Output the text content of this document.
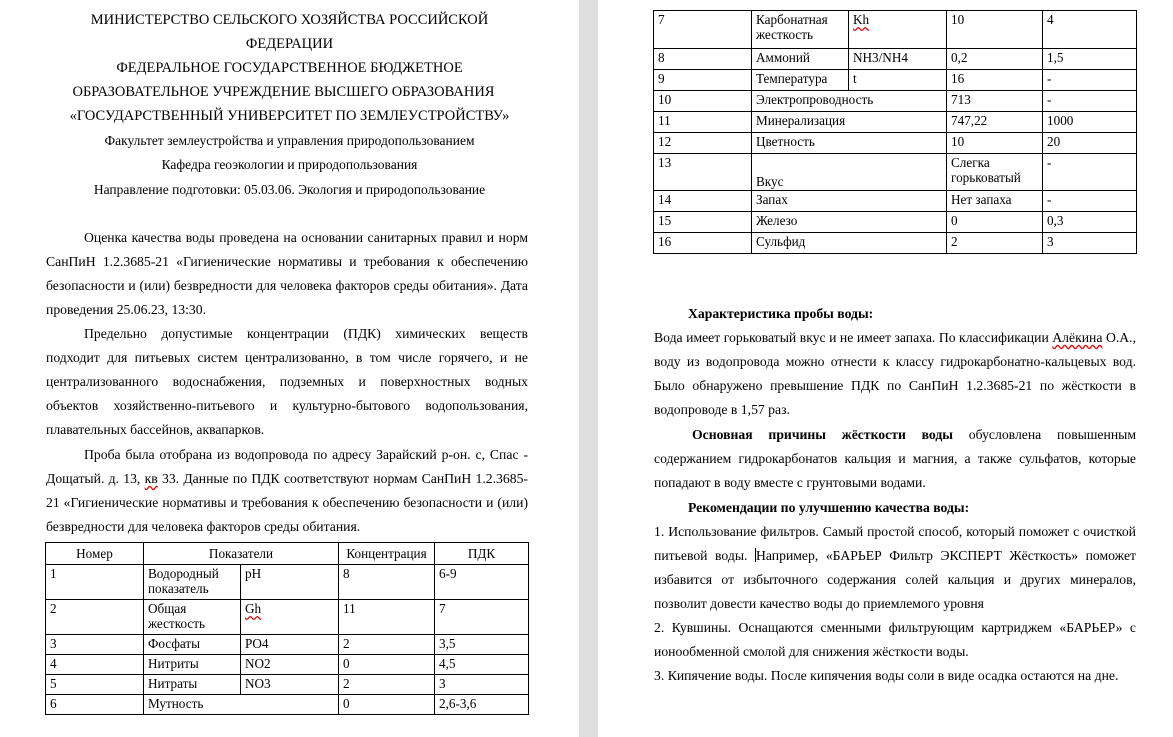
МИНИСТЕРСТВО СЕЛЬСКОГО ХОЗЯЙСТВА РОССИЙСКОЙ
ФЕДЕРАЦИИ
ФЕДЕРАЛЬНОЕ ГОСУДАРСТВЕННОЕ БЮДЖЕТНОЕ
ОБРАЗОВАТЕЛЬНОЕ УЧРЕЖДЕНИЕ ВЫСШЕГО ОБРАЗОВАНИЯ
«ГОСУДАРСТВЕННЫЙ УНИВЕРСИТЕТ ПО ЗЕМЛЕУСТРОЙСТВУ»
Факультет землеустройства и управления природопользованием
Кафедра геоэкологии и природопользования
Направление подготовки: 05.03.06. Экология и природопользование
Оценка качества воды проведена на основании санитарных правил и норм СанПиН 1.2.3685-21 «Гигиенические нормативы и требования к обеспечению безопасности и (или) безвредности для человека факторов среды обитания». Дата проведения 25.06.23, 13:30.
Предельно допустимые концентрации (ПДК) химических веществ подходит для питьевых систем централизованно, в том числе горячего, и не централизованного водоснабжения, подземных и поверхностных водных объектов хозяйственно-питьевого и культурно-бытового водопользования, плавательных бассейнов, аквапарков.
Проба была отобрана из водопровода по адресу Зарайский р-он. с, Спас - Дощатый. д. 13, кв 33. Данные по ПДК соответствуют нормам СанПиН 1.2.3685-21 «Гигиенические нормативы и требования к обеспечению безопасности и (или) безвредности для человека факторов среды обитания.
Номер	Показатели		Концентрация	ПДК
1	Водородный показатель	pH	8	6-9
2	Общая жесткость	Gh	11	7
3	Фосфаты	PO4	2	3,5
4	Нитриты	NO2	0	4,5
5	Нитраты	NO3	2	3
6	Мутность		0	2,6-3,6
7	Карбонатная жесткость	Kh	10	4
8	Аммоний	NH3/NH4	0,2	1,5
9	Температура	t	16	-
10	Электропроводность		713	-
11	Минерализация		747,22	1000
12	Цветность		10	20
13	Вкус		Слегка горьковатый	-
14	Запах		Нет запаха	-
15	Железо		0	0,3
16	Сульфид		2	3
Характеристика пробы воды:
Вода имеет горьковатый вкус и не имеет запаха. По классификации Алёкина О.А., воду из водопровода можно отнести к классу гидрокарбонатно-кальцевых вод. Было обнаружено превышение ПДК по СанПиН 1.2.3685-21 по жёсткости в водопроводе в 1,57 раз.
Основная причины жёсткости воды обусловлена повышенным содержанием гидрокарбонатов кальция и магния, а также сульфатов, которые попадают в воду вместе с грунтовыми водами.
Рекомендации по улучшению качества воды:
1. Использование фильтров. Самый простой способ, который поможет с очисткой питьевой воды. Например, «БАРЬЕР Фильтр ЭКСПЕРТ Жёсткость» поможет избавится от избыточного содержания солей кальция и других минералов, позволит довести качество воды до приемлемого уровня
2. Кувшины. Оснащаются сменными фильтрующим картриджем «БАРЬЕР» с ионообменной смолой для снижения жёсткости воды.
3. Кипячение воды. После кипячения воды соли в виде осадка остаются на дне.
